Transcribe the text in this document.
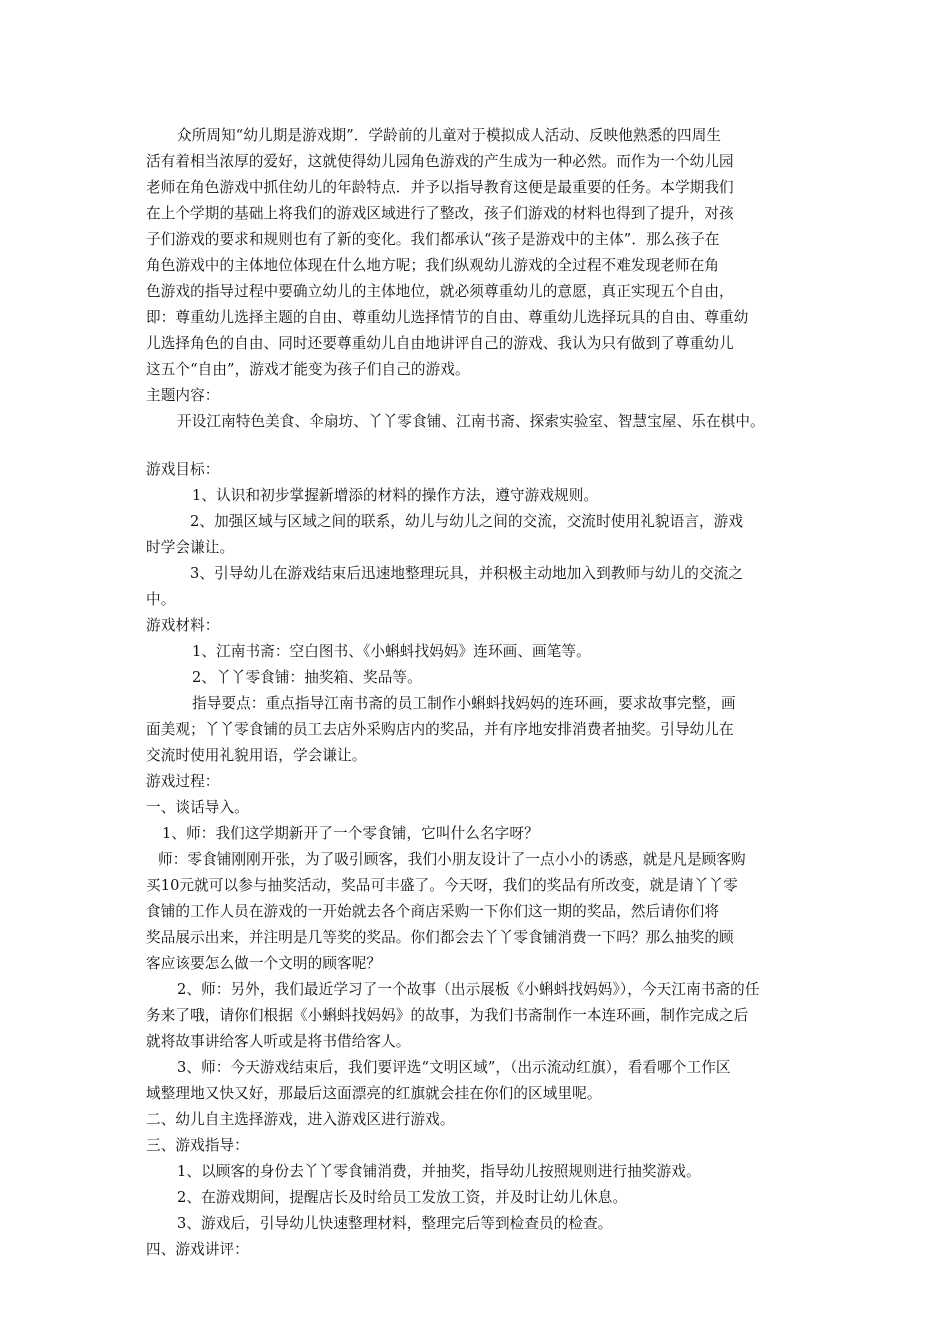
众所周知“幼儿期是游戏期”．学龄前的儿童对于模拟成人活动、反映他熟悉的四周生
活有着相当浓厚的爱好，这就使得幼儿园角色游戏的产生成为一种必然。而作为一个幼儿园
老师在角色游戏中抓住幼儿的年龄特点．并予以指导教育这便是最重要的任务。本学期我们
在上个学期的基础上将我们的游戏区域进行了整改，孩子们游戏的材料也得到了提升，对孩
子们游戏的要求和规则也有了新的变化。我们都承认“孩子是游戏中的主体”．那么孩子在
角色游戏中的主体地位体现在什么地方呢；我们纵观幼儿游戏的全过程不难发现老师在角
色游戏的指导过程中要确立幼儿的主体地位，就必须尊重幼儿的意愿，真正实现五个自由，
即：尊重幼儿选择主题的自由、尊重幼儿选择情节的自由、尊重幼儿选择玩具的自由、尊重幼
儿选择角色的自由、同时还要尊重幼儿自由地讲评自己的游戏、我认为只有做到了尊重幼儿
这五个“自由”，游戏才能变为孩子们自己的游戏。
主题内容：
开设江南特色美食、伞扇坊、丫丫零食铺、江南书斋、探索实验室、智慧宝屋、乐在棋中。
游戏目标：
1、认识和初步掌握新增添的材料的操作方法，遵守游戏规则。
2、加强区域与区域之间的联系，幼儿与幼儿之间的交流，交流时使用礼貌语言，游戏
时学会谦让。
3、引导幼儿在游戏结束后迅速地整理玩具，并积极主动地加入到教师与幼儿的交流之
中。
游戏材料：
1、江南书斋：空白图书、《小蝌蚪找妈妈》连环画、画笔等。
2、丫丫零食铺：抽奖箱、奖品等。
指导要点：重点指导江南书斋的员工制作小蝌蚪找妈妈的连环画，要求故事完整，画
面美观；丫丫零食铺的员工去店外采购店内的奖品，并有序地安排消费者抽奖。引导幼儿在
交流时使用礼貌用语，学会谦让。
游戏过程：
一、谈话导入。
1、师：我们这学期新开了一个零食铺，它叫什么名字呀？
师：零食铺刚刚开张，为了吸引顾客，我们小朋友设计了一点小小的诱惑，就是凡是顾客购
买10元就可以参与抽奖活动，奖品可丰盛了。今天呀，我们的奖品有所改变，就是请丫丫零
食铺的工作人员在游戏的一开始就去各个商店采购一下你们这一期的奖品，然后请你们将
奖品展示出来，并注明是几等奖的奖品。你们都会去丫丫零食铺消费一下吗？那么抽奖的顾
客应该要怎么做一个文明的顾客呢？
2、师：另外，我们最近学习了一个故事（出示展板《小蝌蚪找妈妈》），今天江南书斋的任
务来了哦，请你们根据《小蝌蚪找妈妈》的故事，为我们书斋制作一本连环画，制作完成之后
就将故事讲给客人听或是将书借给客人。
3、师：今天游戏结束后，我们要评选“文明区域”，（出示流动红旗），看看哪个工作区
域整理地又快又好，那最后这面漂亮的红旗就会挂在你们的区域里呢。
二、幼儿自主选择游戏，进入游戏区进行游戏。
三、游戏指导：
1、以顾客的身份去丫丫零食铺消费，并抽奖，指导幼儿按照规则进行抽奖游戏。
2、在游戏期间，提醒店长及时给员工发放工资，并及时让幼儿休息。
3、游戏后，引导幼儿快速整理材料，整理完后等到检查员的检查。
四、游戏讲评：
